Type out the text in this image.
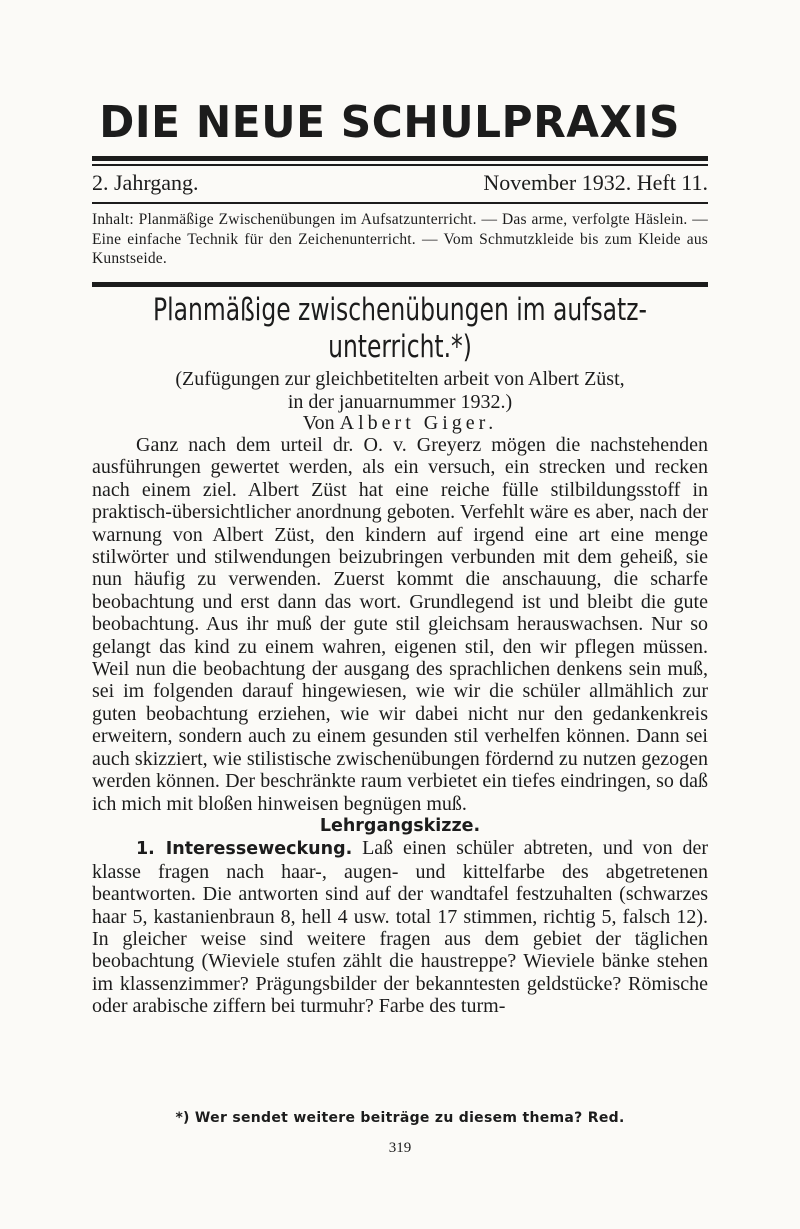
DIE NEUE SCHULPRAXIS
2. Jahrgang.	November 1932. Heft 11.
Inhalt: Planmäßige Zwischenübungen im Aufsatzunterricht. — Das arme, verfolgte Häslein. — Eine einfache Technik für den Zeichenunterricht. — Vom Schmutzkleide bis zum Kleide aus Kunstseide.
Planmäßige zwischenübungen im aufsatz-unterricht.*)
(Zufügungen zur gleichbetitelten arbeit von Albert Züst,
in der januarnummer 1932.)
Von Albert Giger.

Ganz nach dem urteil dr. O. v. Greyerz mögen die nachstehenden ausführungen gewertet werden, als ein versuch, ein strecken und recken nach einem ziel. Albert Züst hat eine reiche fülle stilbildungsstoff in praktisch-übersichtlicher anordnung geboten. Verfehlt wäre es aber, nach der warnung von Albert Züst, den kindern auf irgend eine art eine menge stilwörter und stilwendungen beizubringen verbunden mit dem geheiß, sie nun häufig zu verwenden. Zuerst kommt die anschauung, die scharfe beobachtung und erst dann das wort. Grundlegend ist und bleibt die gute beobachtung. Aus ihr muß der gute stil gleichsam herauswachsen. Nur so gelangt das kind zu einem wahren, eigenen stil, den wir pflegen müssen. Weil nun die beobachtung der ausgang des sprachlichen denkens sein muß, sei im folgenden darauf hingewiesen, wie wir die schüler allmählich zur guten beobachtung erziehen, wie wir dabei nicht nur den gedankenkreis erweitern, sondern auch zu einem gesunden stil verhelfen können. Dann sei auch skizziert, wie stilistische zwischenübungen fördernd zu nutzen gezogen werden können. Der beschränkte raum verbietet ein tiefes eindringen, so daß ich mich mit bloßen hinweisen begnügen muß.

Lehrgangskizze.

1. Interesseweckung. Laß einen schüler abtreten, und von der klasse fragen nach haar-, augen- und kittelfarbe des abgetretenen beantworten. Die antworten sind auf der wandtafel festzuhalten (schwarzes haar 5, kastanienbraun 8, hell 4 usw. total 17 stimmen, richtig 5, falsch 12). In gleicher weise sind weitere fragen aus dem gebiet der täglichen beobachtung (Wieviele stufen zählt die haustreppe? Wieviele bänke stehen im klassenzimmer? Prägungsbilder der bekanntesten geldstücke? Römische oder arabische ziffern bei turmuhr? Farbe des turm-

*) Wer sendet weitere beiträge zu diesem thema? Red.
319
